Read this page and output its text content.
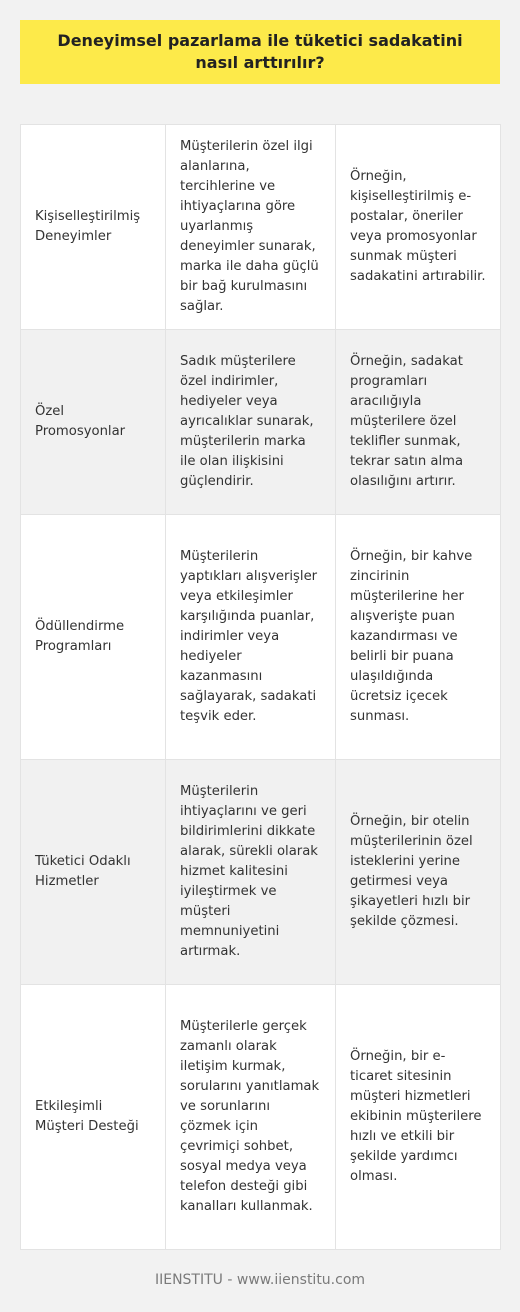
Deneyimsel pazarlama ile tüketici sadakatini nasıl arttırılır?
Kişiselleştirilmiş Deneyimler	Müşterilerin özel ilgi alanlarına, tercihlerine ve ihtiyaçlarına göre uyarlanmış deneyimler sunarak, marka ile daha güçlü bir bağ kurulmasını sağlar.	Örneğin, kişiselleştirilmiş e-postalar, öneriler veya promosyonlar sunmak müşteri sadakatini artırabilir.
Özel Promosyonlar	Sadık müşterilere özel indirimler, hediyeler veya ayrıcalıklar sunarak, müşterilerin marka ile olan ilişkisini güçlendirir.	Örneğin, sadakat programları aracılığıyla müşterilere özel teklifler sunmak, tekrar satın alma olasılığını artırır.
Ödüllendirme Programları	Müşterilerin yaptıkları alışverişler veya etkileşimler karşılığında puanlar, indirimler veya hediyeler kazanmasını sağlayarak, sadakati teşvik eder.	Örneğin, bir kahve zincirinin müşterilerine her alışverişte puan kazandırması ve belirli bir puana ulaşıldığında ücretsiz içecek sunması.
Tüketici Odaklı Hizmetler	Müşterilerin ihtiyaçlarını ve geri bildirimlerini dikkate alarak, sürekli olarak hizmet kalitesini iyileştirmek ve müşteri memnuniyetini artırmak.	Örneğin, bir otelin müşterilerinin özel isteklerini yerine getirmesi veya şikayetleri hızlı bir şekilde çözmesi.
Etkileşimli Müşteri Desteği	Müşterilerle gerçek zamanlı olarak iletişim kurmak, sorularını yanıtlamak ve sorunlarını çözmek için çevrimiçi sohbet, sosyal medya veya telefon desteği gibi kanalları kullanmak.	Örneğin, bir e-ticaret sitesinin müşteri hizmetleri ekibinin müşterilere hızlı ve etkili bir şekilde yardımcı olması.
IIENSTITU - www.iienstitu.com
